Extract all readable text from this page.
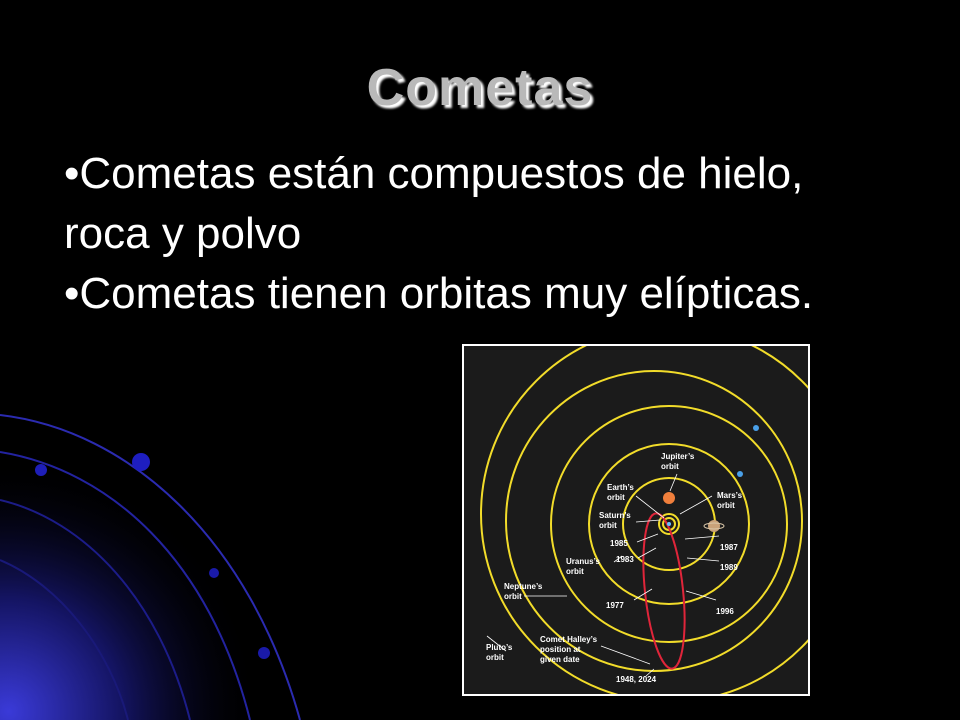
Cometas

•Cometas están compuestos de hielo, roca y polvo

•Cometas tienen orbitas muy elípticas.

Jupiter’s orbit
Earth’s orbit	Mars’s orbit
Saturn’s orbit
1985
1983
Uranus’s orbit
1987
1989
Neptune’s orbit
1977
1996
Pluto’s orbit
Comet Halley’s position at given date
1948, 2024
